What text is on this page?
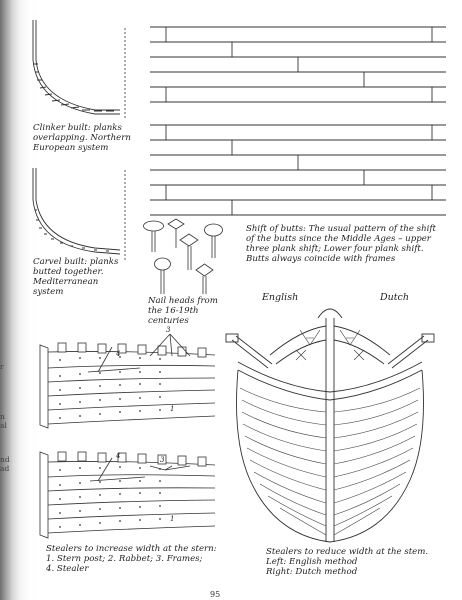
r
n
al
nd
ad
4
3
1
4	3
1
Clinker built: planks
overlapping. Northern
European system
Carvel built: planks
butted together.
Mediterranean
system
Nail heads from
the 16-19th
centuries
Shift of butts: The usual pattern of the shift
of the butts since the Middle Ages – upper
three plank shift; Lower four plank shift.
Butts always coincide with frames
Stealers to increase width at the stern:
1. Stern post; 2. Rabbet; 3. Frames;
4. Stealer
Stealers to reduce width at the stem.
Left: English method
Right: Dutch method
English	Dutch
95
